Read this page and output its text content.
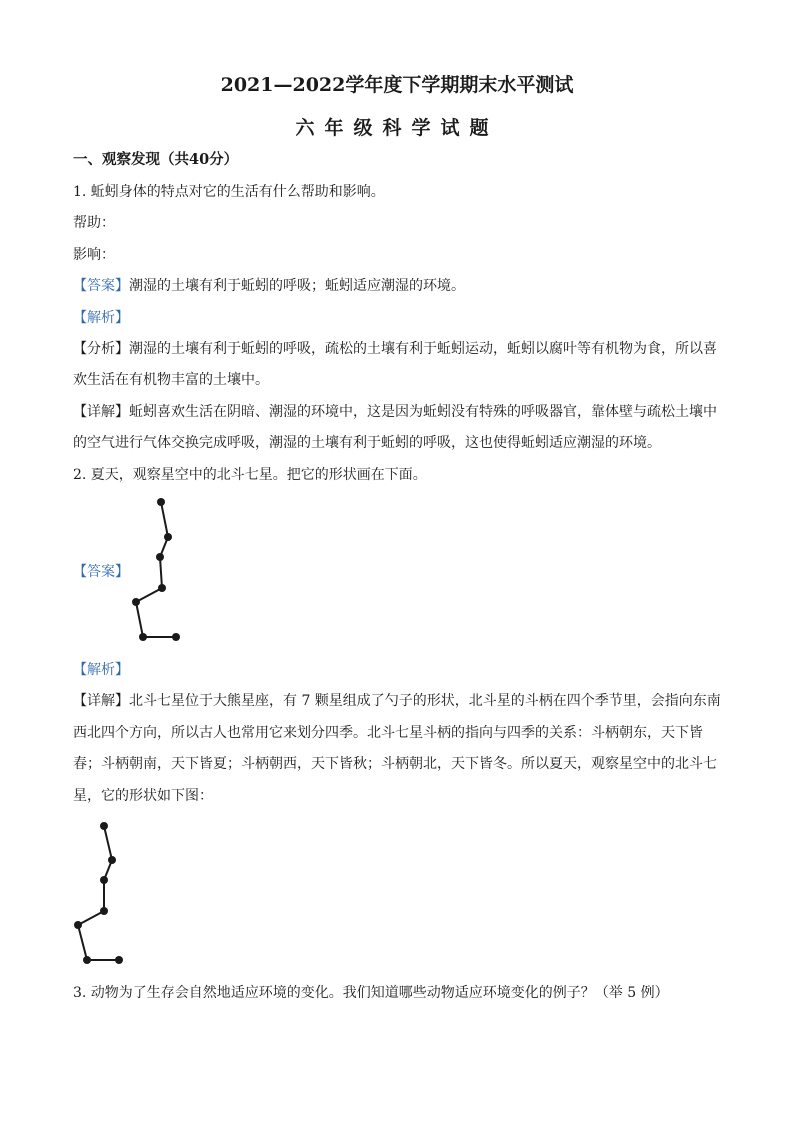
2021—2022学年度下学期期末水平测试
六年级科学试题
一、观察发现（共40分）
1. 蚯蚓身体的特点对它的生活有什么帮助和影响。
帮助：
影响：
【答案】潮湿的土壤有利于蚯蚓的呼吸；蚯蚓适应潮湿的环境。
【解析】
【分析】潮湿的土壤有利于蚯蚓的呼吸，疏松的土壤有利于蚯蚓运动，蚯蚓以腐叶等有机物为食，所以喜
欢生活在有机物丰富的土壤中。
【详解】蚯蚓喜欢生活在阴暗、潮湿的环境中，这是因为蚯蚓没有特殊的呼吸器官，靠体壁与疏松土壤中
的空气进行气体交换完成呼吸，潮湿的土壤有利于蚯蚓的呼吸，这也使得蚯蚓适应潮湿的环境。
2. 夏天，观察星空中的北斗七星。把它的形状画在下面。
【答案】
【解析】
【详解】北斗七星位于大熊星座，有 7 颗星组成了勺子的形状，北斗星的斗柄在四个季节里，会指向东南
西北四个方向，所以古人也常用它来划分四季。北斗七星斗柄的指向与四季的关系：斗柄朝东，天下皆
春；斗柄朝南，天下皆夏；斗柄朝西，天下皆秋；斗柄朝北，天下皆冬。所以夏天，观察星空中的北斗七
星，它的形状如下图：
3. 动物为了生存会自然地适应环境的变化。我们知道哪些动物适应环境变化的例子？（举 5 例）
